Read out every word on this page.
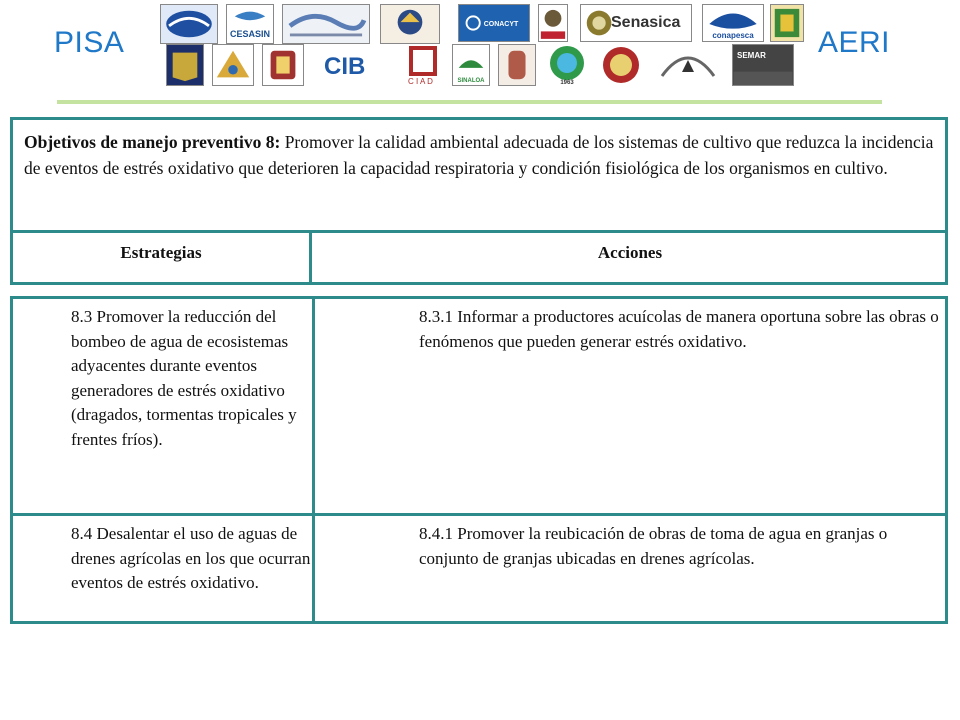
PISA	AERI
CESASIN
CONACYT	Senasica
conapesca
CIB
C I A D	SINALOA	1963
SEMAR
Objetivos de manejo preventivo 8: Promover la calidad ambiental adecuada de los sistemas de cultivo que reduzca la incidencia de eventos de estrés oxidativo que deterioren la capacidad respiratoria y condición fisiológica de los organismos en cultivo.
Estrategias	Acciones
8.3 Promover la reducción del bombeo de agua de ecosistemas adyacentes durante eventos generadores de estrés oxidativo (dragados, tormentas tropicales y frentes fríos).
8.3.1 Informar a productores acuícolas de manera oportuna sobre las obras o fenómenos que pueden generar estrés oxidativo.
8.4 Desalentar el uso de aguas de drenes agrícolas en los que ocurran eventos de estrés oxidativo.
8.4.1 Promover la reubicación de obras de toma de agua en granjas o conjunto de granjas ubicadas en drenes agrícolas.
